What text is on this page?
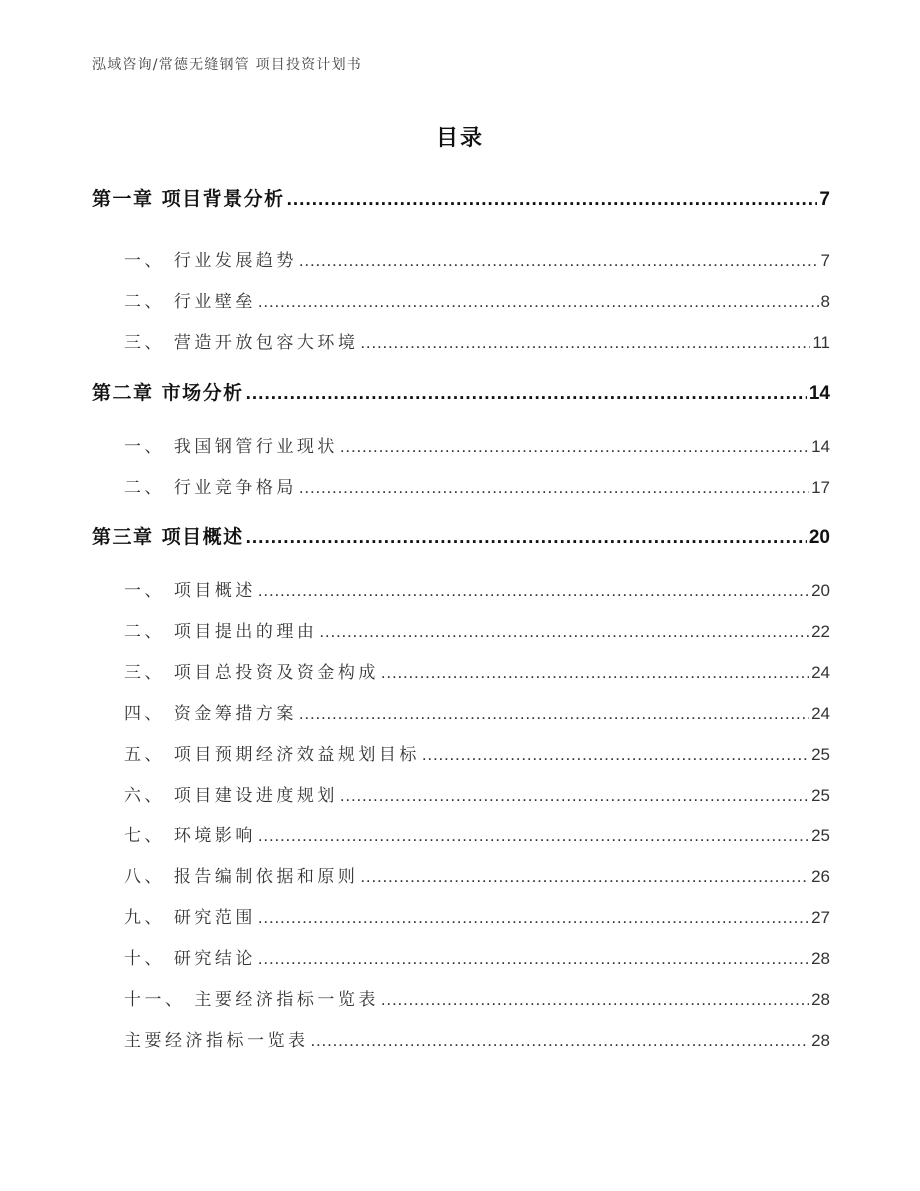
泓域咨询/常德无缝钢管 项目投资计划书
目录
第一章 项目背景分析 .....	7
一、 行业发展趋势 .....	7
二、 行业壁垒 .....	8
三、 营造开放包容大环境 .....	11
第二章 市场分析 .....	14
一、 我国钢管行业现状 .....	14
二、 行业竞争格局 .....	17
第三章 项目概述 .....	20
一、 项目概述 .....	20
二、 项目提出的理由 .....	22
三、 项目总投资及资金构成 .....	24
四、 资金筹措方案 .....	24
五、 项目预期经济效益规划目标 .....	25
六、 项目建设进度规划 .....	25
七、 环境影响 .....	25
八、 报告编制依据和原则 .....	26
九、 研究范围 .....	27
十、 研究结论 .....	28
十一、 主要经济指标一览表 .....	28
主要经济指标一览表 .....	28
